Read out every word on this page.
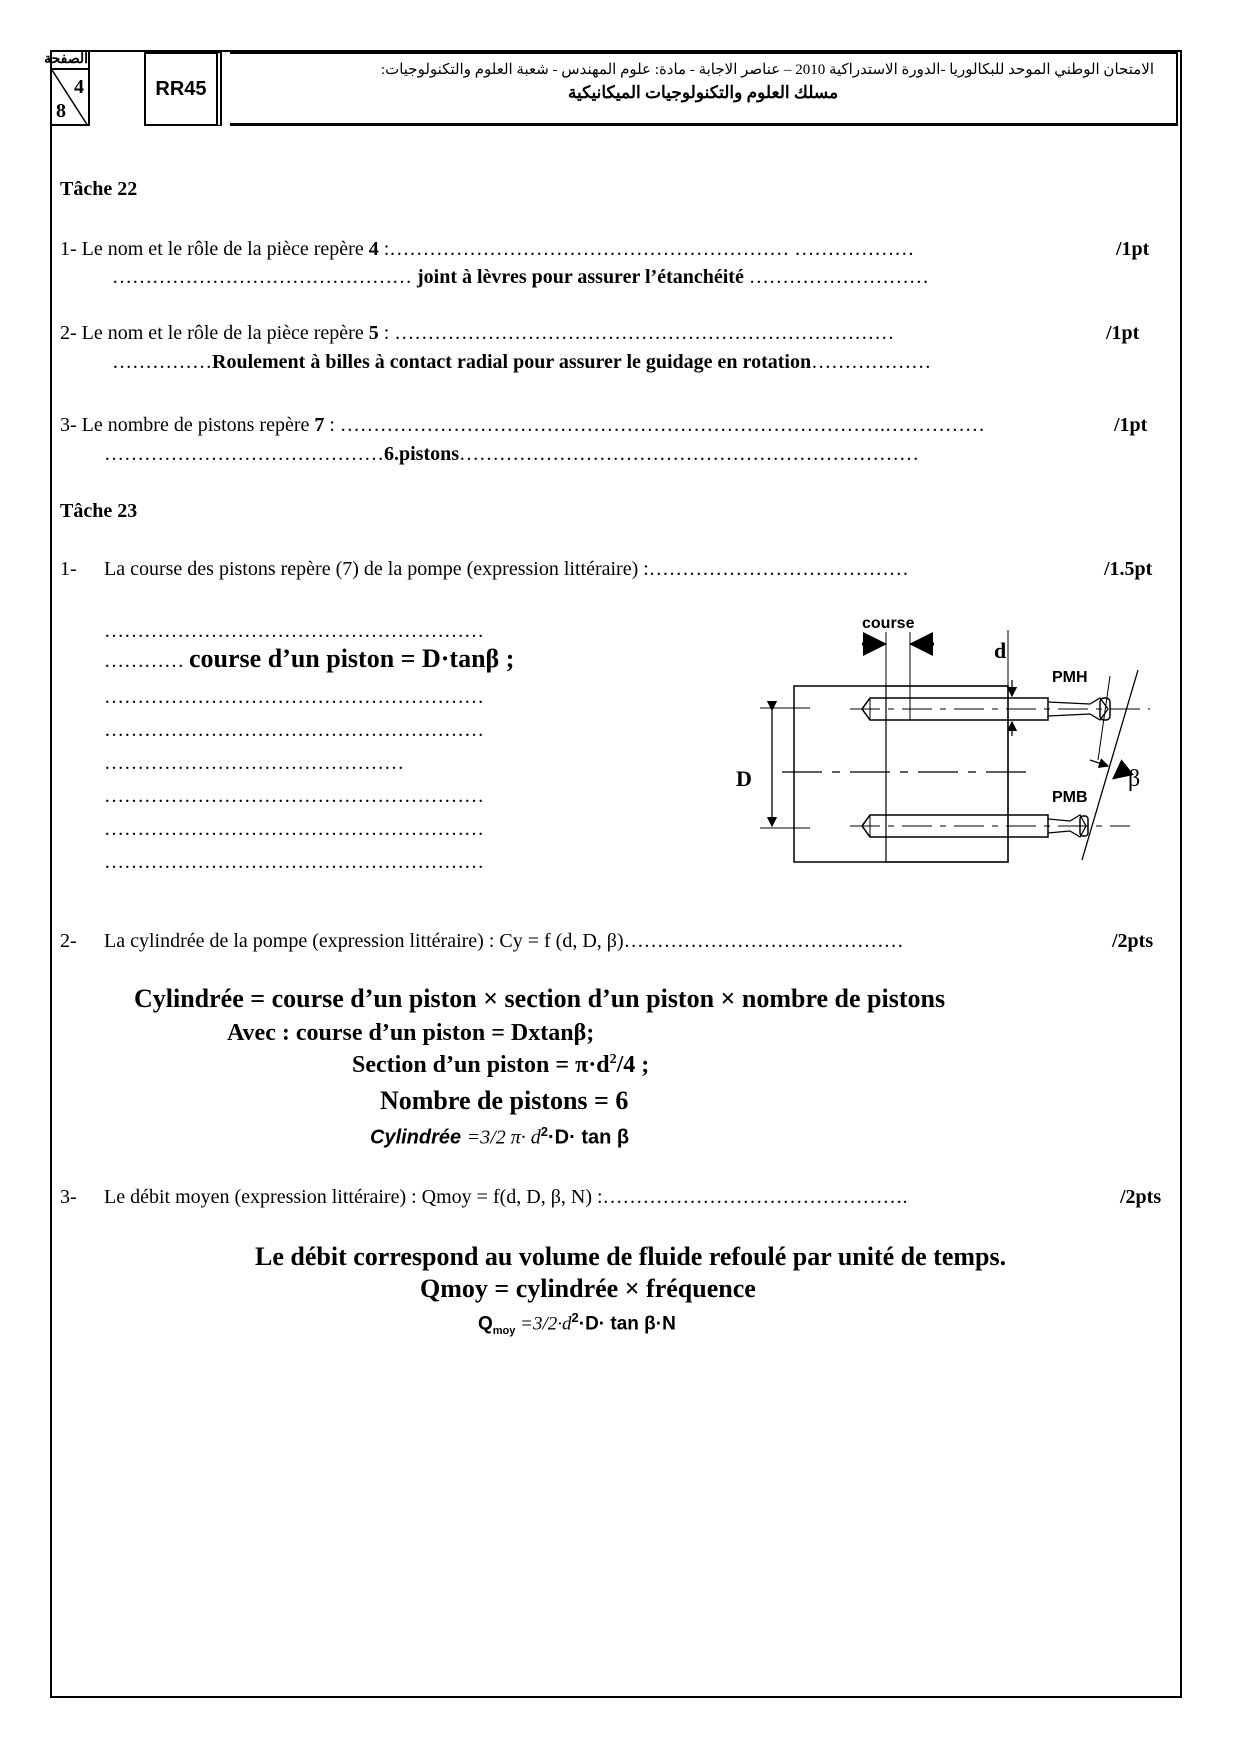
الصفحة
4
8
RR45
الامتحان الوطني الموحد للبكالوريا -الدورة الاستدراكية 2010 – عناصر الاجابة - مادة: علوم المهندس - شعبة العلوم والتكنولوجيات:
مسلك العلوم والتكنولوجيات الميكانيكية
Tâche 22
1- Le nom et le rôle de la pièce repère 4 :…………………………………………………… ………………	/1pt
……………………………………… joint à lèvres pour assurer l’étanchéité ………………………
2- Le nom et le rôle de la pièce repère 5 : …………………………………………………………………	/1pt
……………Roulement à billes à contact radial pour assurer le guidage en rotation………………
3- Le nombre de pistons repère 7 : ……………………………………………………………………….……………	/1pt
……………………………………6.pistons……………………………………………………………
Tâche 23
1- La course des pistons repère (7) de la pompe (expression littéraire) :…………………………………	/1.5pt
…………………………………………………
………… course d’un piston = D·tanβ ;
…………………………………………………
…………………………………………………
………………………………………
…………………………………………………
…………………………………………………
…………………………………………………
course
d
D
PMH
PMB
β
2- La cylindrée de la pompe (expression littéraire) : Cy = f (d, D, β)……………………………………	/2pts
Cylindrée = course d’un piston × section d’un piston × nombre de pistons
Avec : course d’un piston = Dxtanβ;
Section d’un piston = $\pi\cdot d^2/4$ ;
Nombre de pistons = 6
Cylindrée =3/2 $\pi\cdot d^2\cdot D\cdot \tan \beta$
3- Le débit moyen (expression littéraire) : Qmoy = f(d, D, β, N) :……………………………………….	/2pts
Le débit correspond au volume de fluide refoulé par unité de temps.
Qmoy = cylindrée × fréquence
$Q_{moy} =3/2\cdot d^2\cdot D\cdot \tan \beta\cdot N$
